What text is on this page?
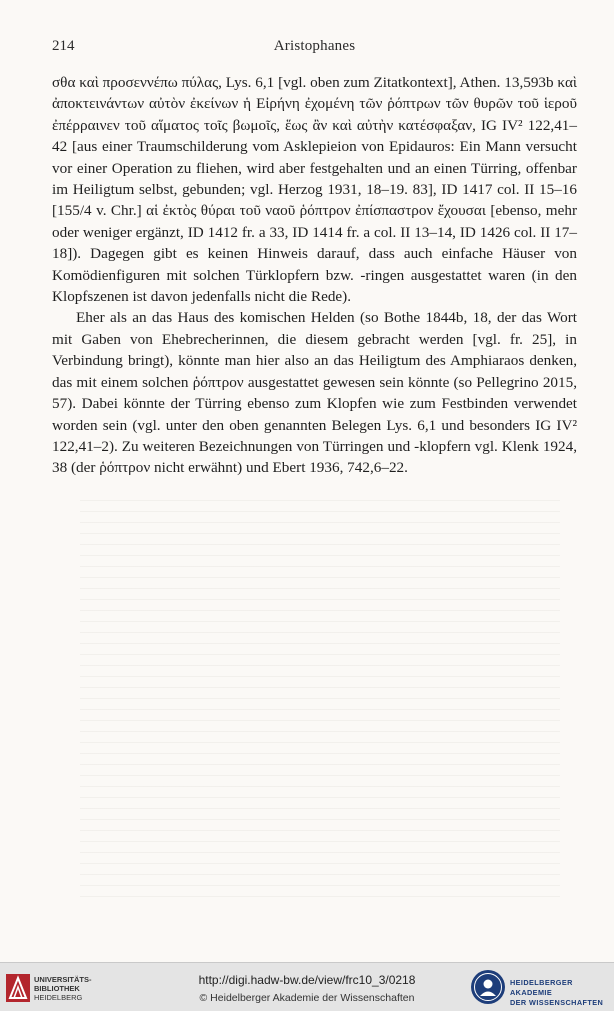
214	Aristophanes

σθα καὶ προσεννέπω πύλας, Lys. 6,1 [vgl. oben zum Zitatkontext], Athen. 13,593b καὶ ἀποκτεινάντων αὐτὸν ἐκείνων ἡ Εἰρήνη ἐχομένη τῶν ῥόπτρων τῶν θυρῶν τοῦ ἱεροῦ ἐπέρραινεν τοῦ αἵματος τοῖς βωμοῖς, ἕως ἂν καὶ αὐτὴν κατέσφαξαν, IG IV² 122,41–42 [aus einer Traumschilderung vom Asklepieion von Epidauros: Ein Mann versucht vor einer Operation zu fliehen, wird aber festgehalten und an einen Türring, offenbar im Heiligtum selbst, gebunden; vgl. Herzog 1931, 18–19. 83], ID 1417 col. II 15–16 [155/4 v. Chr.] αἱ ἐκτὸς θύραι τοῦ ναοῦ ῥόπτρον ἐπίσπαστρον ἔχουσαι [ebenso, mehr oder weniger ergänzt, ID 1412 fr. a 33, ID 1414 fr. a col. II 13–14, ID 1426 col. II 17–18]). Dagegen gibt es keinen Hinweis darauf, dass auch einfache Häuser von Komödienfiguren mit solchen Türklopfern bzw. -ringen ausgestattet waren (in den Klopfszenen ist davon jedenfalls nicht die Rede).

Eher als an das Haus des komischen Helden (so Bothe 1844b, 18, der das Wort mit Gaben von Ehebrecherinnen, die diesem gebracht werden [vgl. fr. 25], in Verbindung bringt), könnte man hier also an das Heiligtum des Amphiaraos denken, das mit einem solchen ῥόπτρον ausgestattet gewesen sein könnte (so Pellegrino 2015, 57). Dabei könnte der Türring ebenso zum Klopfen wie zum Festbinden verwendet worden sein (vgl. unter den oben genannten Belegen Lys. 6,1 und besonders IG IV² 122,41–2). Zu weiteren Bezeichnungen von Türringen und -klopfern vgl. Klenk 1924, 38 (der ῥόπτρον nicht erwähnt) und Ebert 1936, 742,6–22.

UNIVERSITÄTS-
BIBLIOTHEK
HEIDELBERG
http://digi.hadw-bw.de/view/frc10_3/0218
© Heidelberger Akademie der Wissenschaften
HEIDELBERGER AKADEMIE
DER WISSENSCHAFTEN
